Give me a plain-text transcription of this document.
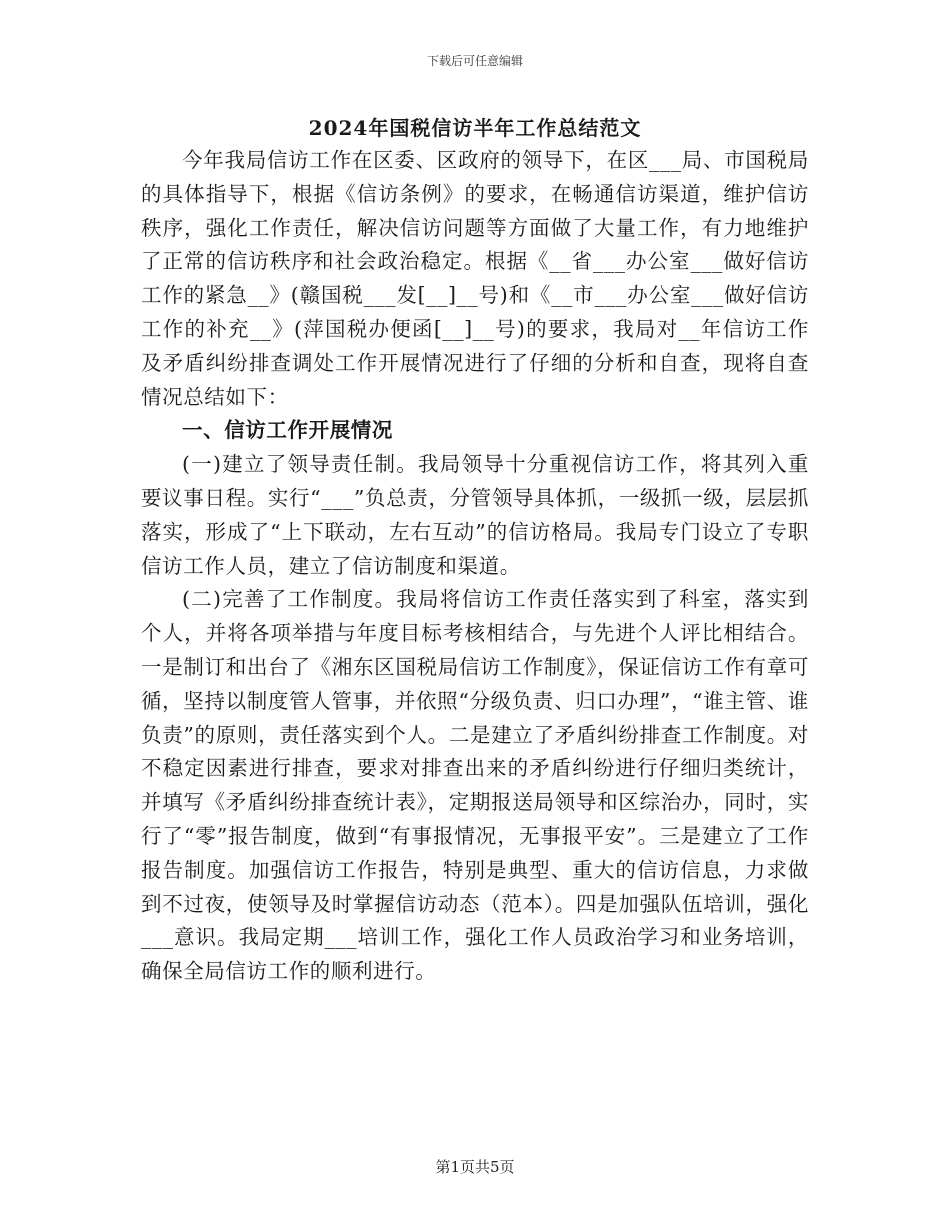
下载后可任意编辑
2024年国税信访半年工作总结范文

今年我局信访工作在区委、区政府的领导下，在区___局、市国税局的具体指导下，根据《信访条例》的要求，在畅通信访渠道，维护信访秩序，强化工作责任，解决信访问题等方面做了大量工作，有力地维护了正常的信访秩序和社会政治稳定。根据《__省___办公室___做好信访工作的紧急__》(赣国税___发[__]__号)和《__市___办公室___做好信访工作的补充__》(萍国税办便函[__]__号)的要求，我局对__年信访工作及矛盾纠纷排查调处工作开展情况进行了仔细的分析和自查，现将自查情况总结如下：

一、信访工作开展情况

(一)建立了领导责任制。我局领导十分重视信访工作，将其列入重要议事日程。实行“___”负总责，分管领导具体抓，一级抓一级，层层抓落实，形成了“上下联动，左右互动”的信访格局。我局专门设立了专职信访工作人员，建立了信访制度和渠道。

(二)完善了工作制度。我局将信访工作责任落实到了科室，落实到个人，并将各项举措与年度目标考核相结合，与先进个人评比相结合。一是制订和出台了《湘东区国税局信访工作制度》，保证信访工作有章可循，坚持以制度管人管事，并依照“分级负责、归口办理”，“谁主管、谁负责”的原则，责任落实到个人。二是建立了矛盾纠纷排查工作制度。对不稳定因素进行排查，要求对排查出来的矛盾纠纷进行仔细归类统计，并填写《矛盾纠纷排查统计表》，定期报送局领导和区综治办，同时，实行了“零”报告制度，做到“有事报情况，无事报平安”。三是建立了工作报告制度。加强信访工作报告，特别是典型、重大的信访信息，力求做到不过夜，使领导及时掌握信访动态（范本）。四是加强队伍培训，强化___意识。我局定期___培训工作，强化工作人员政治学习和业务培训，确保全局信访工作的顺利进行。

第1页共5页
